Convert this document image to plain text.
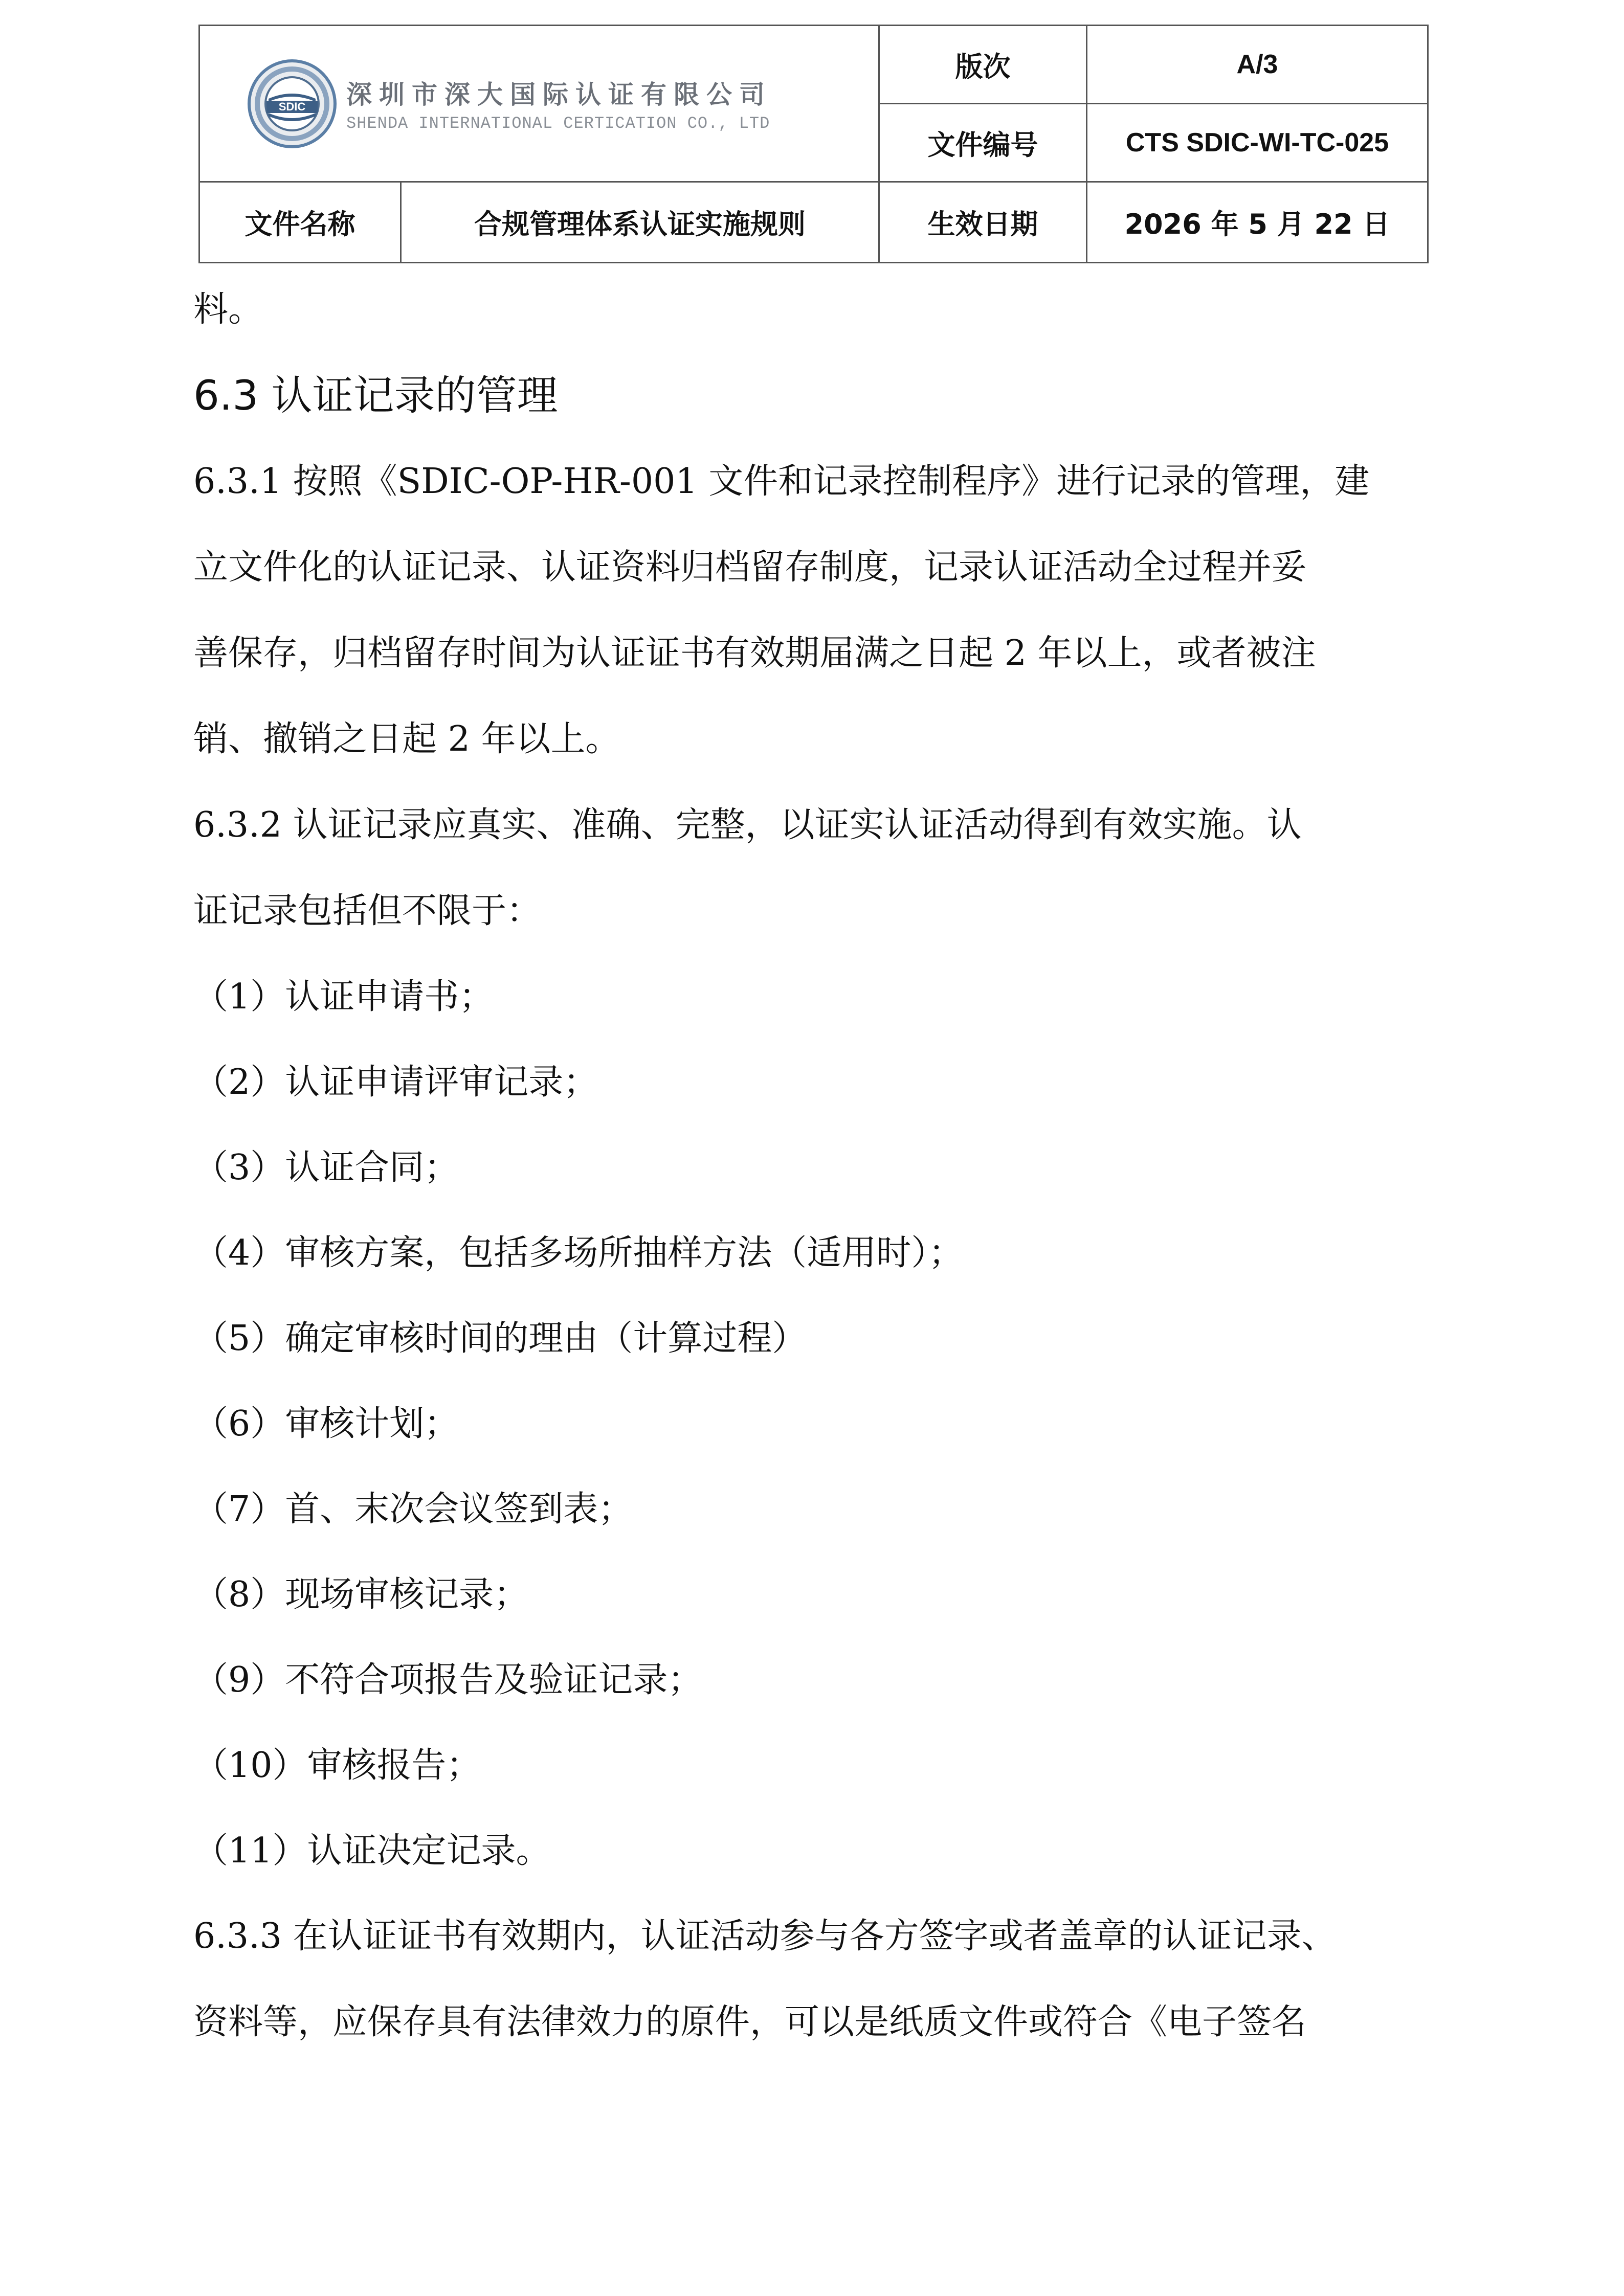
SDIC 深圳市深大国际认证有限公司
SHENDA INTERNATIONAL CERTICATION CO., LTD		版次	A/3
		文件编号	CTS SDIC-WI-TC-025
文件名称	合规管理体系认证实施规则	生效日期	2026 年 5 月 22 日

料。

6.3 认证记录的管理

6.3.1 按照《SDIC-OP-HR-001 文件和记录控制程序》进行记录的管理，建

立文件化的认证记录、认证资料归档留存制度，记录认证活动全过程并妥

善保存，归档留存时间为认证证书有效期届满之日起 2 年以上，或者被注

销、撤销之日起 2 年以上。

6.3.2 认证记录应真实、准确、完整，以证实认证活动得到有效实施。认

证记录包括但不限于：

（1）认证申请书；

（2）认证申请评审记录；

（3）认证合同；

（4）审核方案，包括多场所抽样方法（适用时）；

（5）确定审核时间的理由（计算过程）

（6）审核计划；

（7）首、末次会议签到表；

（8）现场审核记录；

（9）不符合项报告及验证记录；

（10）审核报告；

（11）认证决定记录。

6.3.3 在认证证书有效期内，认证活动参与各方签字或者盖章的认证记录、

资料等，应保存具有法律效力的原件，可以是纸质文件或符合《电子签名
